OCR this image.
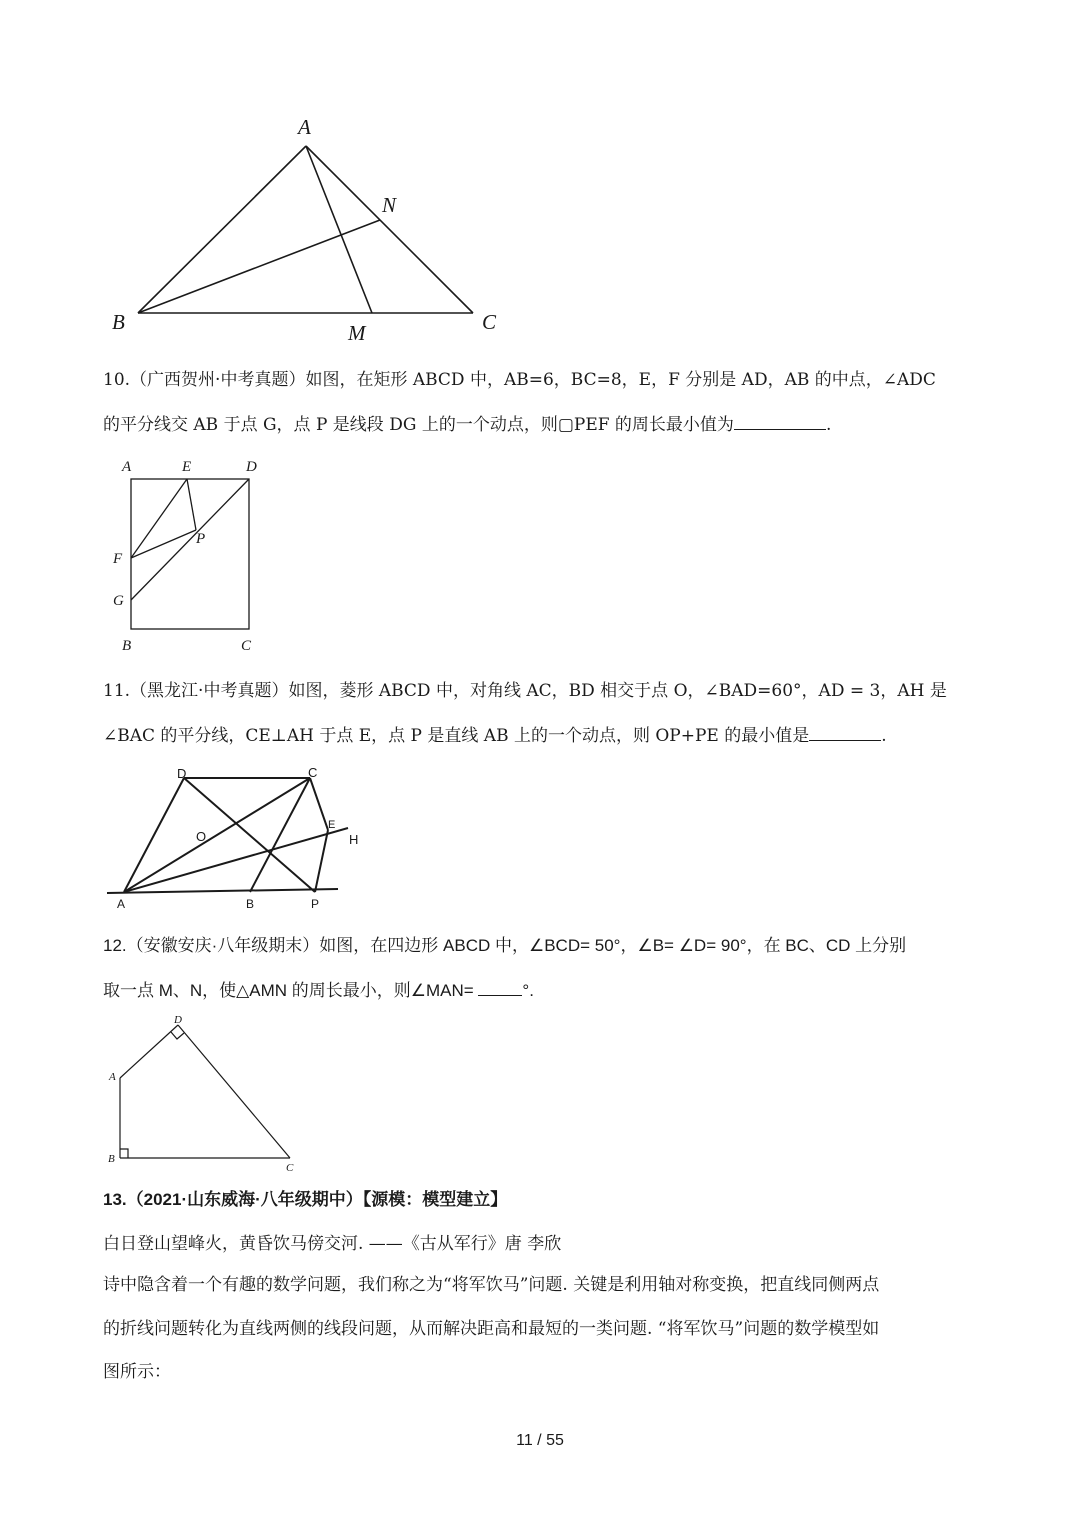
A
N
B	M	C
10.（广西贺州·中考真题）如图，在矩形 ABCD 中，AB=6，BC=8，E，F 分别是 AD，AB 的中点，∠ADC
的平分线交 AB 于点 G，点 P 是线段 DG 上的一个动点，则▢PEF 的周长最小值为	.
A	E	D
F
P
G
B	C
11.（黑龙江·中考真题）如图，菱形 ABCD 中，对角线 AC，BD 相交于点 O，∠BAD=60°，AD = 3，AH 是
∠BAC 的平分线，CE⊥AH 于点 E，点 P 是直线 AB 上的一个动点，则 OP+PE 的最小值是	.
D	C
O
E
H
A	B	P
12.（安徽安庆·八年级期末）如图，在四边形 ABCD 中，∠BCD= 50°，∠B= ∠D= 90°，在 BC、CD 上分别
取一点 M、N，使△AMN 的周长最小，则∠MAN=	°.
D
A
B
C
13.（2021·山东威海·八年级期中）【源模：模型建立】
白日登山望峰火，黄昏饮马傍交河. ——《古从军行》唐 李欣
诗中隐含着一个有趣的数学问题，我们称之为“将军饮马”问题. 关键是利用轴对称变换，把直线同侧两点
的折线问题转化为直线两侧的线段问题，从而解决距高和最短的一类问题. “将军饮马”问题的数学模型如
图所示：
11 / 55
